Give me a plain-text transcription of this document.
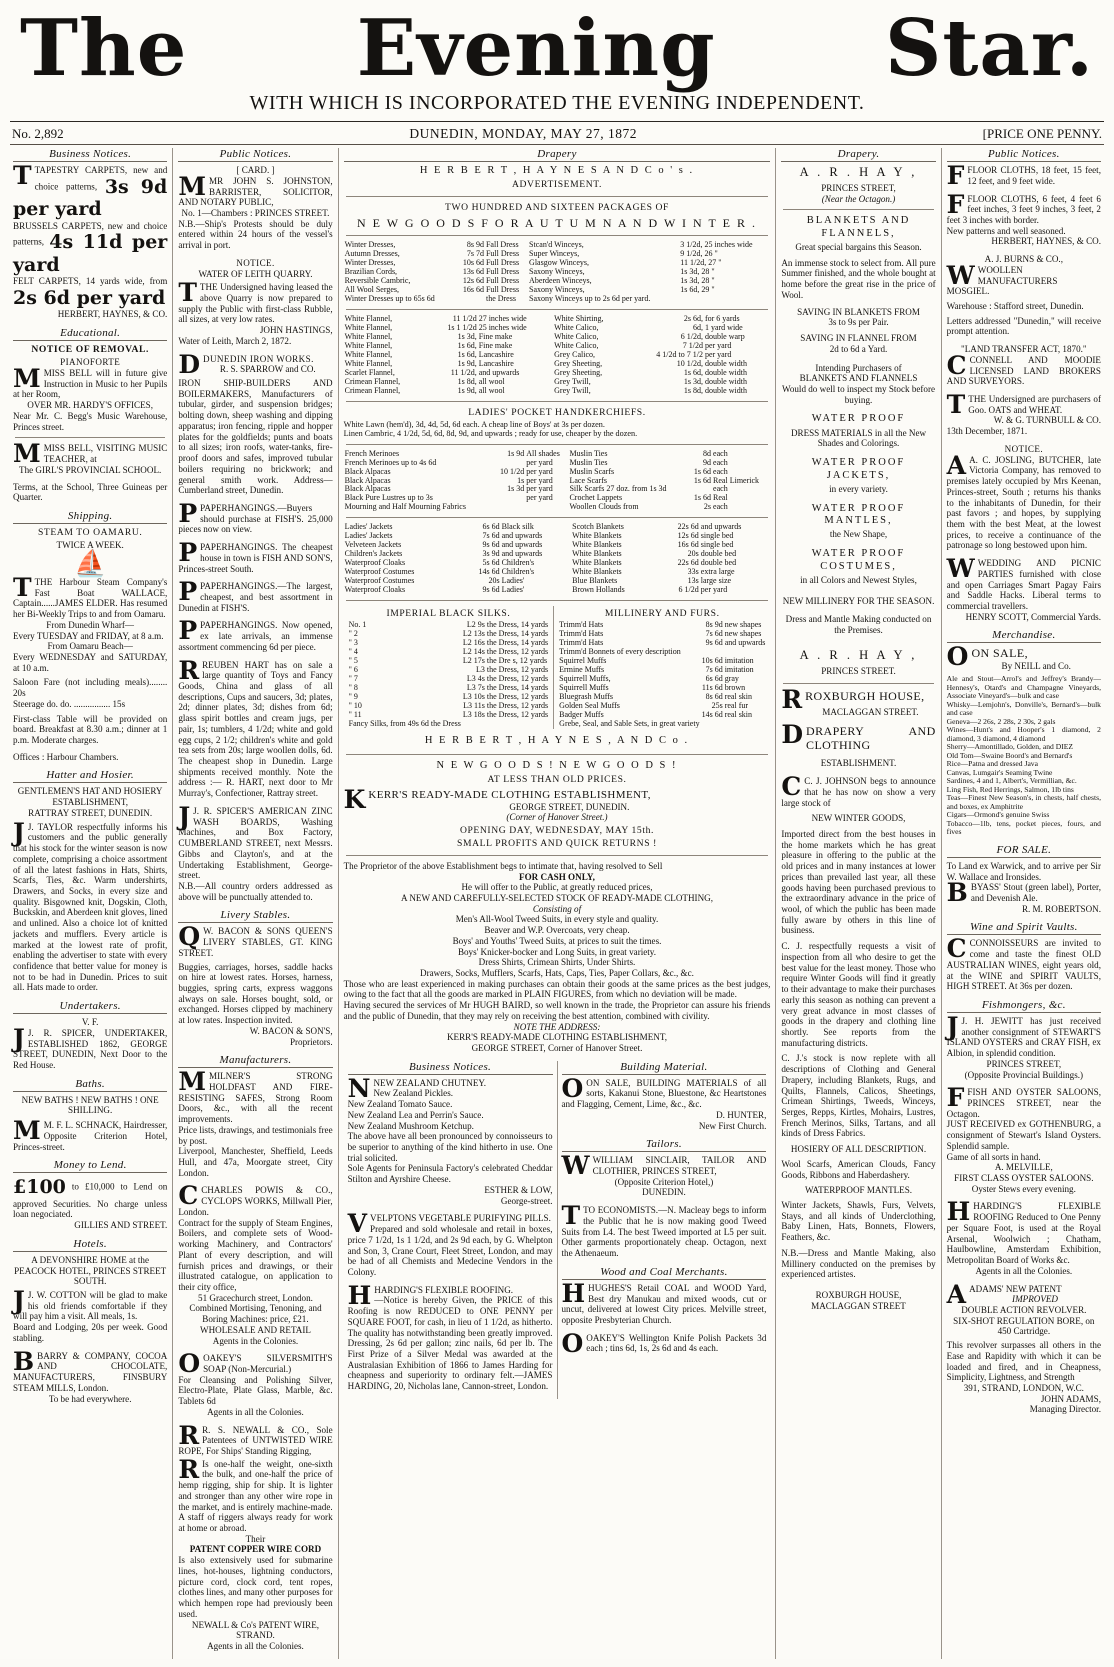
The Evening Star.
WITH WHICH IS INCORPORATED THE EVENING INDEPENDENT.
No. 2,892	DUNEDIN, MONDAY, MAY 27, 1872	[PRICE ONE PENNY.
Business Notices.
TTAPESTRY CARPETS, new and choice patterns, 3s 9d per yard
BRUSSELS CARPETS, new and choice patterns, 4s 11d per yard
FELT CARPETS, 14 yards wide, from 2s 6d per yard
HERBERT, HAYNES, & CO.
Educational.
NOTICE OF REMOVAL.
PIANOFORTE
MMISS BELL will in future give Instruction in Music to her Pupils at her Room,
OVER MR. HARDY'S OFFICES,
Near Mr. C. Begg's Music Warehouse, Princes street.
MMISS BELL, VISITING MUSIC TEACHER, at
The GIRL'S PROVINCIAL SCHOOL.
Terms, at the School, Three Guineas per Quarter.
Shipping.
STEAM TO OAMARU.
TWICE A WEEK.
⛵
TTHE Harbour Steam Company's Fast Boat WALLACE, Captain......JAMES ELDER. Has resumed her Bi-Weekly Trips to and from Oamaru.
From Dunedin Wharf—
Every TUESDAY and FRIDAY, at 8 a.m.
From Oamaru Beach—
Every WEDNESDAY and SATURDAY, at 10 a.m.
Saloon Fare (not including meals)........ 20s
Steerage do. do. ................ 15s
First-class Table will be provided on board. Breakfast at 8.30 a.m.; dinner at 1 p.m. Moderate charges.
Offices : Harbour Chambers.
Hatter and Hosier.
GENTLEMEN'S HAT AND HOSIERY ESTABLISHMENT,
RATTRAY STREET, DUNEDIN.
J J. TAYLOR respectfully informs his customers and the public generally that his stock for the winter season is now complete, comprising a choice assortment of all the latest fashions in Hats, Shirts, Scarfs, Ties, &c. Warm undershirts, Drawers, and Socks, in every size and quality. Bisgowned knit, Dogskin, Cloth, Buckskin, and Aberdeen knit gloves, lined and unlined. Also a choice lot of knitted jackets and mufflers. Every article is marked at the lowest rate of profit, enabling the advertiser to state with every confidence that better value for money is not to be had in Dunedin. Prices to suit all. Hats made to order.
Undertakers.
V. F.
J J. R. SPICER, UNDERTAKER, ESTABLISHED 1862, GEORGE STREET, DUNEDIN, Next Door to the Red House.
Baths.
NEW BATHS ! NEW BATHS ! ONE SHILLING.
M M. F. L. SCHNACK, Hairdresser, Opposite Criterion Hotel, Princes-street.
Money to Lend.
£100 to £10,000 to Lend on approved Securities. No charge unless loan negociated.
GILLIES AND STREET.
Hotels.
A DEVONSHIRE HOME at the PEACOCK HOTEL, PRINCES STREET SOUTH.
J J. W. COTTON will be glad to make his old friends comfortable if they will pay him a visit. All meals, 1s.
Board and Lodging, 20s per week. Good stabling.
BBARRY & COMPANY, COCOA AND CHOCOLATE, MANUFACTURERS, FINSBURY STEAM MILLS, London.
To be had everywhere.
Public Notices.
[ CARD. ]
MMR JOHN S. JOHNSTON, BARRISTER, SOLICITOR, AND NOTARY PUBLIC,
No. 1—Chambers : PRINCES STREET.
N.B.—Ship's Protests should be duly entered within 24 hours of the vessel's arrival in port.
NOTICE.
WATER OF LEITH QUARRY.
TTHE Undersigned having leased the above Quarry is now prepared to supply the Public with first-class Rubble, all sizes, at very low rates.
JOHN HASTINGS,
Water of Leith, March 2, 1872.
DDUNEDIN IRON WORKS.
R. S. SPARROW and CO.
IRON SHIP-BUILDERS AND BOILERMAKERS, Manufacturers of tubular, girder, and suspension bridges; bolting down, sheep washing and dipping apparatus; iron fencing, ripple and hopper plates for the goldfields; punts and boats to all sizes; iron roofs, water-tanks, fire-proof doors and safes, improved tubular boilers requiring no brickwork; and general smith work. Address—Cumberland street, Dunedin.
PPAPERHANGINGS.—Buyers should purchase at FISH'S. 25,000 pieces now on view.
PPAPERHANGINGS. The cheapest house in town is FISH AND SON'S, Princes-street South.
PPAPERHANGINGS.—The largest, cheapest, and best assortment in Dunedin at FISH'S.
PPAPERHANGINGS. Now opened, ex late arrivals, an immense assortment commencing 6d per piece.
RREUBEN HART has on sale a large quantity of Toys and Fancy Goods, China and glass of all descriptions, Cups and saucers, 3d; plates, 2d; dinner plates, 3d; dishes from 6d; glass spirit bottles and cream jugs, per pair, 1s; tumblers, 4 1/2d; white and gold egg cups, 2 1/2; children's white and gold tea sets from 20s; large woollen dolls, 6d. The cheapest shop in Dunedin. Large shipments received monthly. Note the address :— R. HART, next door to Mr Murray's, Confectioner, Rattray street.
J J. R. SPICER'S AMERICAN ZINC WASH BOARDS, Washing Machines, and Box Factory, CUMBERLAND STREET, next Messrs. Gibbs and Clayton's, and at the Undertaking Establishment, George-street.
N.B.—All country orders addressed as above will be punctually attended to.
Livery Stables.
Q W. BACON & SONS QUEEN'S LIVERY STABLES, GT. KING STREET.
Buggies, carriages, horses, saddle hacks on hire at lowest rates. Horses, harness, buggies, spring carts, express waggons always on sale. Horses bought, sold, or exchanged. Horses clipped by machinery at low rates. Inspection invited.
W. BACON & SON'S,
Proprietors.
Manufacturers.
MMILNER'S STRONG HOLDFAST AND FIRE-RESISTING SAFES, Strong Room Doors, &c., with all the recent improvements.
Price lists, drawings, and testimonials free by post.
Liverpool, Manchester, Sheffield, Leeds Hull, and 47a, Moorgate street, City London.
CCHARLES POWIS & CO., CYCLOPS WORKS, Millwall Pier, London.
Contract for the supply of Steam Engines, Boilers, and complete sets of Wood-working Machinery, and Contractors' Plant of every description, and will furnish prices and drawings, or their illustrated catalogue, on application to their city office,
51 Gracechurch street, London.
Combined Mortising, Tenoning, and Boring Machines: price, £21.
WHOLESALE AND RETAIL
Agents in the Colonies.
OOAKEY'S SILVERSMITH'S SOAP (Non-Mercurial.)
For Cleansing and Polishing Silver, Electro-Plate, Plate Glass, Marble, &c. Tablets 6d
Agents in all the Colonies.
R R. S. NEWALL & CO., Sole Patentees of UNTWISTED WIRE ROPE, For Ships' Standing Rigging,
R Is one-half the weight, one-sixth the bulk, and one-half the price of hemp rigging, ship for ship. It is lighter and stronger than any other wire rope in the market, and is entirely machine-made. A staff of riggers always ready for work at home or abroad.
Their
PATENT COPPER WIRE CORD
Is also extensively used for submarine lines, hot-houses, lightning conductors, picture cord, clock cord, tent ropes, clothes lines, and many other purposes for which hempen rope had previously been used.
NEWALL & Co's PATENT WIRE, STRAND.
Agents in all the Colonies.
Drapery
H E R B E R T , H A Y N E S A N D C o ' s .
ADVERTISEMENT.
TWO HUNDRED AND SIXTEEN PACKAGES OF
N E W G O O D S F O R A U T U M N A N D W I N T E R .
Winter Dresses,	8s 9d	Fall Dress	Stcan'd Winceys,	3 1/2d, 25 inches wide
Autumn Dresses,	7s 7d	Full Dress	Super Winceys,	9 1/2d, 26 "
Winter Dresses,	10s 6d	Full Dress	Glasgow Winceys,	11 1/2d, 27 "
Brazilian Cords,	13s 6d	Full Dress	Saxony Winceys,	1s 3d, 28 "
Reversible Cambric,	12s 6d	Full Dress	Aberdeen Winceys,	1s 3d, 28 "
All Wool Serges,	16s 6d	Full Dress	Saxony Winceys,	1s 6d, 29 "
Winter Dresses up to 65s 6d		the Dress	Saxony Winceys up to 2s 6d per yard.	
White Flannel,	11 1/2d	27 inches wide	White Shirting,	2s 6d,	for 6 yards
White Flannel,	1s 1 1/2d	25 inches wide	White Calico,	6d,	1 yard wide
White Flannel,	1s 3d,	Fine make	White Calico,	6 1/2d,	double warp
White Flannel,	1s 6d,	Fine make	White Calico,	7 1/2d	per yard
White Flannel,	1s 6d,	Lancashire	Grey Calico,	4 1/2d to 7 1/2	per yard
White Flannel,	1s 9d,	Lancashire	Grey Sheeting,	10 1/2d,	double width
Scarlet Flannel,	11 1/2d,	and upwards	Grey Sheeting,	1s 6d,	double width
Crimean Flannel,	1s 8d,	all wool	Grey Twill,	1s 3d,	double width
Crimean Flannel,	1s 9d,	all wool	Grey Twill,	1s 8d,	double width
LADIES' POCKET HANDKERCHIEFS.
White Lawn (hem'd), 3d, 4d, 5d, 6d each. A cheap line of Boys' at 3s per dozen.
Linen Cambric, 4 1/2d, 5d, 6d, 8d, 9d, and upwards ; ready for use, cheaper by the dozen.
French Merinoes	1s 9d	All shades	Muslin Ties	8d	each
French Merinoes up to 4s 6d		per yard	Muslin Ties	9d	each
Black Alpacas	10 1/2d	per yard	Muslin Scarfs	1s 6d	each
Black Alpacas	1s	per yard	Lace Scarfs	1s 6d	Real Limerick
Black Alpacas	1s 3d	per yard	Silk Scarfs 27 doz. from 1s 3d		each
Black Pure Lustres up to 3s		per yard	Crochet Lappets	1s 6d	Real
Mourning and Half Mourning Fabrics			Woollen Clouds from	2s	each
Ladies' Jackets	6s 6d	Black silk	Scotch Blankets	22s 6d	and upwards
Ladies' Jackets	7s 6d	and upwards	White Blankets	12s 6d	single bed
Velveteen Jackets	9s 6d	and upwards	White Blankets	16s 6d	single bed
Children's Jackets	3s 9d	and upwards	White Blankets	20s	double bed
Waterproof Cloaks	5s 6d	Children's	White Blankets	22s 6d	double bed
Waterproof Costumes	14s 6d	Children's	White Blankets	33s	extra large
Waterproof Costumes	20s	Ladies'	Blue Blankets	13s	large size
Waterproof Cloaks	9s 6d	Ladies'	Brown Hollands	6 1/2d	per yard
IMPERIAL BLACK SILKS.
No. 1	L2 9s	the Dress, 14 yards
" 2	L2 13s	the Dress, 14 yards
" 3	L2 16s	the Dress, 14 yards
" 4	L2 14s	the Dress, 12 yards
" 5	L2 17s	the Dre s, 12 yards
" 6	L3	the Dress, 12 yards
" 7	L3 4s	the Dress, 12 yards
" 8	L3 7s	the Dress, 14 yards
" 9	L3 10s	the Dress, 12 yards
" 10	L3 11s	the Dress, 12 yards
" 11	L3 18s	the Dress, 12 yards
Fancy Silks, from 49s 6d the Dress		
MILLINERY AND FURS.
Trimm'd Hats	8s 9d	new shapes
Trimm'd Hats	7s 6d	new shapes
Trimm'd Hats	9s 6d	and upwards
Trimm'd Bonnets of every description		
Squirrel Muffs	10s 6d	imitation
Ermine Muffs	7s 6d	imitation
Squirrell Muffs,	6s 6d	gray
Squirrell Muffs	11s 6d	brown
Bluegrash Muffs	8s 6d	real skin
Golden Seal Muffs	25s	real fur
Badger Muffs	14s 6d	real skin
Grebe, Seal, and Sable Sets, in great variety		
H E R B E R T , H A Y N E S , A N D C o .
N E W G O O D S ! N E W G O O D S !
AT LESS THAN OLD PRICES.
KKERR'S READY-MADE CLOTHING ESTABLISHMENT,
GEORGE STREET, DUNEDIN.
(Corner of Hanover Street.)
OPENING DAY, WEDNESDAY, MAY 15th.
SMALL PROFITS AND QUICK RETURNS !
The Proprietor of the above Establishment begs to intimate that, having resolved to Sell
FOR CASH ONLY,
He will offer to the Public, at greatly reduced prices,
A NEW AND CAREFULLY-SELECTED STOCK OF READY-MADE CLOTHING,
Consisting of
Men's All-Wool Tweed Suits, in every style and quality.
Beaver and W.P. Overcoats, very cheap.
Boys' and Youths' Tweed Suits, at prices to suit the times.
Boys' Knicker-bocker and Long Suits, in great variety.
Dress Shirts, Crimean Shirts, Under Shirts.
Drawers, Socks, Mufflers, Scarfs, Hats, Caps, Ties, Paper Collars, &c., &c.
Those who are least experienced in making purchases can obtain their goods at the same prices as the best judges, owing to the fact that all the goods are marked in PLAIN FIGURES, from which no deviation will be made.
Having secured the services of Mr HUGH BAIRD, so well known in the trade, the Proprietor can assure his friends and the public of Dunedin, that they may rely on receiving the best attention, combined with civility.
NOTE THE ADDRESS:
KERR'S READY-MADE CLOTHING ESTABLISHMENT,
GEORGE STREET, Corner of Hanover Street.
Business Notices.
NNEW ZEALAND CHUTNEY.
New Zealand Pickles.
New Zealand Tomato Sauce.
New Zealand Lea and Perrin's Sauce.
New Zealand Mushroom Ketchup.
The above have all been pronounced by connoisseurs to be superior to anything of the kind hitherto in use. One trial solicited.
Sole Agents for Peninsula Factory's celebrated Cheddar Stilton and Ayrshire Cheese.
ESTHER & LOW,
George-street.
VVELPTONS VEGETABLE PURIFYING PILLS.
Prepared and sold wholesale and retail in boxes, price 7 1/2d, 1s 1 1/2d, and 2s 9d each, by G. Whelpton and Son, 3, Crane Court, Fleet Street, London, and may be had of all Chemists and Medecine Vendors in the Colony.
HHARDING'S FLEXIBLE ROOFING.
—Notice is hereby Given, the PRICE of this Roofing is now REDUCED to ONE PENNY per SQUARE FOOT, for cash, in lieu of 1 1/2d, as hitherto. The quality has notwithstanding been greatly improved. Dressing, 2s 6d per gallon; zinc nails, 6d per lb. The First Prize of a Silver Medal was awarded at the Australasian Exhibition of 1866 to James Harding for cheapness and superiority to ordinary felt.—JAMES HARDING, 20, Nicholas lane, Cannon-street, London.
Building Material.
OON SALE, BUILDING MATERIALS of all sorts, Kakanui Stone, Bluestone, &c Heartstones and Flagging, Cement, Lime, &c., &c.
D. HUNTER,
New First Church.
Tailors.
WWILLIAM SINCLAIR, TAILOR AND CLOTHIER, PRINCES STREET,
(Opposite Criterion Hotel,)
DUNEDIN.
TTO ECONOMISTS.—N. Macleay begs to inform the Public that he is now making good Tweed Suits from L4. The best Tweed imported at L5 per suit. Other garments proportionately cheap. Octagon, next the Athenaeum.
Wood and Coal Merchants.
HHUGHES'S Retail COAL and WOOD Yard, Best dry Manukau and mixed woods, cut or uncut, delivered at lowest City prices. Melville street, opposite Presbyterian Church.
OOAKEY'S Wellington Knife Polish Packets 3d each ; tins 6d, 1s, 2s 6d and 4s each.
Drapery.
A . R . H A Y ,
PRINCES STREET,
(Near the Octagon.)
BLANKETS AND FLANNELS,
Great special bargains this Season.
An immense stock to select from. All pure Summer finished, and the whole bought at home before the great rise in the price of Wool.
SAVING IN BLANKETS FROM
3s to 9s per Pair.
SAVING IN FLANNEL FROM
2d to 6d a Yard.
Intending Purchasers of
BLANKETS AND FLANNELS
Would do well to inspect my Stock before buying.
WATER PROOF
DRESS MATERIALS in all the New Shades and Colorings.
WATER PROOF JACKETS,
in every variety.
WATER PROOF MANTLES,
the New Shape,
WATER PROOF COSTUMES,
in all Colors and Newest Styles,
NEW MILLINERY FOR THE SEASON.
Dress and Mantle Making conducted on the Premises.
A . R . H A Y ,
PRINCES STREET.
RROXBURGH HOUSE,
MACLAGGAN STREET.
DDRAPERY AND CLOTHING
ESTABLISHMENT.
C C. J. JOHNSON begs to announce that he has now on show a very large stock of
NEW WINTER GOODS,
Imported direct from the best houses in the home markets which he has great pleasure in offering to the public at the old prices and in many instances at lower prices than prevailed last year, all these goods having been purchased previous to the extraordinary advance in the price of wool, of which the public has been made fully aware by others in this line of business.
C. J. respectfully requests a visit of inspection from all who desire to get the best value for the least money. Those who require Winter Goods will find it greatly to their advantage to make their purchases early this season as nothing can prevent a very great advance in most classes of goods in the drapery and clothing line shortly. See reports from the manufacturing districts.
C. J.'s stock is now replete with all descriptions of Clothing and General Drapery, including Blankets, Rugs, and Quilts, Flannels, Calicos, Sheetings, Crimean Shirtings, Tweeds, Winceys, Serges, Repps, Kirtles, Mohairs, Lustres, French Merinos, Silks, Tartans, and all kinds of Dress Fabrics.
HOSIERY OF ALL DESCRIPTION.
Wool Scarfs, American Clouds, Fancy Goods, Ribbons and Haberdashery.
WATERPROOF MANTLES.
Winter Jackets, Shawls, Furs, Velvets, Stays, and all kinds of Underclothing, Baby Linen, Hats, Bonnets, Flowers, Feathers, &c.
N.B.—Dress and Mantle Making, also Millinery conducted on the premises by experienced artistes.
ROXBURGH HOUSE,
MACLAGGAN STREET
Public Notices.
FFLOOR CLOTHS, 18 feet, 15 feet, 12 feet, and 9 feet wide.
FFLOOR CLOTHS, 6 feet, 4 feet 6 feet inches, 3 feet 9 inches, 3 feet, 2 feet 3 inches with border.
New patterns and well seasoned.
HERBERT, HAYNES, & CO.
A. J. BURNS & CO.,
WWOOLLEN MANUFACTURERS MOSGIEL.
Warehouse : Stafford street, Dunedin.
Letters addressed "Dunedin," will receive prompt attention.
"LAND TRANSFER ACT, 1870."
CCONNELL AND MOODIE LICENSED LAND BROKERS AND SURVEYORS.
TTHE Undersigned are purchasers of Goo. OATS and WHEAT.
W. & G. TURNBULL & CO.
13th December, 1871.
NOTICE.
A A. C. JOSLING, BUTCHER, late Victoria Company, has removed to premises lately occupied by Mrs Keenan, Princes-street, South ; returns his thanks to the inhabitants of Dunedin, for their past favors ; and hopes, by supplying them with the best Meat, at the lowest prices, to receive a continuance of the patronage so long bestowed upon him.
WWEDDING AND PICNIC PARTIES furnished with close and open Carriages Smart Pagay Fairs and Saddle Hacks. Liberal terms to commercial travellers.
HENRY SCOTT, Commercial Yards.
Merchandise.
OON SALE,
By NEILL and Co.
Ale and Stout—Arrol's and Jeffrey's Brandy—Hennesy's, Otard's and Champagne Vineyards, Associate Vineyard's—bulk and case
Whisky—Lemjohn's, Donville's, Bernard's—bulk and case
Geneva—2 26s, 2 28s, 2 30s, 2 gals
Wines—Hunt's and Hooper's 1 diamond, 2 diamond, 3 diamond, 4 diamond
Sherry—Amontillado, Golden, and DIEZ
Old Tom—Swaine Boord's and Bernard's
Rice—Patna and dressed Java
Canvas, Lumgair's Seaming Twine
Sardines, 4 and 1, Albert's, Vermillian, &c.
Ling Fish, Red Herrings, Salmon, 1lb tins
Teas—Finest New Season's, in chests, half chests, and boxes, ex Amphitrite
Cigars—Ormond's genuine Swiss
Tobacco—1lb, tens, pocket pieces, fours, and fives
FOR SALE.
To Land ex Warwick, and to arrive per Sir W. Wallace and Ironsides.
BBYASS' Stout (green label), Porter, and Devenish Ale.
R. M. ROBERTSON.
Wine and Spirit Vaults.
CCONNOISSEURS are invited to come and taste the finest OLD AUSTRALIAN WINES, eight years old, at the WINE and SPIRIT VAULTS, HIGH STREET. At 36s per dozen.
Fishmongers, &c.
J J. H. JEWITT has just received another consignment of STEWART'S ISLAND OYSTERS and CRAY FISH, ex Albion, in splendid condition.
PRINCES STREET,
(Opposite Provincial Buildings.)
FFISH AND OYSTER SALOONS, PRINCES STREET, near the Octagon.
JUST RECEIVED ex GOTHENBURG, a consignment of Stewart's Island Oysters. Splendid sample.
Game of all sorts in hand.
A. MELVILLE,
FIRST CLASS OYSTER SALOONS.
Oyster Stews every evening.
HHARDING'S FLEXIBLE ROOFING Reduced to One Penny per Square Foot, is used at the Royal Arsenal, Woolwich ; Chatham, Haulbowline, Amsterdam Exhibition, Metropolitan Board of Works &c.
Agents in all the Colonies.
AADAMS' NEW PATENT
IMPROVED
DOUBLE ACTION REVOLVER.
SIX-SHOT REGULATION BORE, on 450 Cartridge.
This revolver surpasses all others in the Ease and Rapidity with which it can be loaded and fired, and in Cheapness, Simplicity, Lightness, and Strength
391, STRAND, LONDON, W.C.
JOHN ADAMS,
Managing Director.
